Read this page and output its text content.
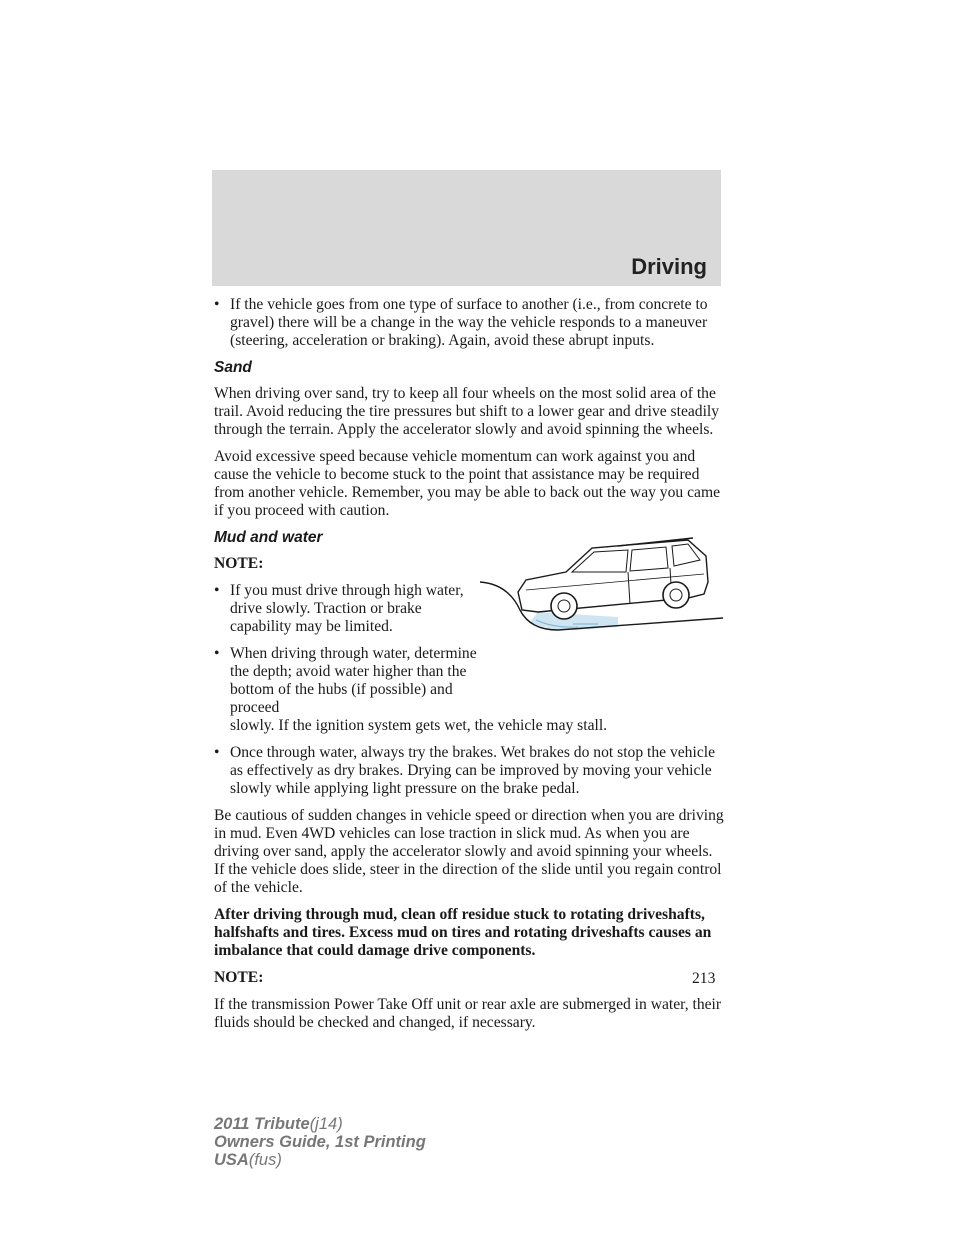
Driving
• If the vehicle goes from one type of surface to another (i.e., from concrete to gravel) there will be a change in the way the vehicle responds to a maneuver (steering, acceleration or braking). Again, avoid these abrupt inputs.
Sand

When driving over sand, try to keep all four wheels on the most solid area of the trail. Avoid reducing the tire pressures but shift to a lower gear and drive steadily through the terrain. Apply the accelerator slowly and avoid spinning the wheels.

Avoid excessive speed because vehicle momentum can work against you and cause the vehicle to become stuck to the point that assistance may be required from another vehicle. Remember, you may be able to back out the way you came if you proceed with caution.

Mud and water
NOTE:
• If you must drive through high water, drive slowly. Traction or brake capability may be limited.
• When driving through water, determine the depth; avoid water higher than the bottom of the hubs (if possible) and proceed
slowly. If the ignition system gets wet, the vehicle may stall.
• Once through water, always try the brakes. Wet brakes do not stop the vehicle as effectively as dry brakes. Drying can be improved by moving your vehicle slowly while applying light pressure on the brake pedal.

Be cautious of sudden changes in vehicle speed or direction when you are driving in mud. Even 4WD vehicles can lose traction in slick mud. As when you are driving over sand, apply the accelerator slowly and avoid spinning your wheels. If the vehicle does slide, steer in the direction of the slide until you regain control of the vehicle.

After driving through mud, clean off residue stuck to rotating driveshafts, halfshafts and tires. Excess mud on tires and rotating driveshafts causes an imbalance that could damage drive components.

NOTE:

If the transmission Power Take Off unit or rear axle are submerged in water, their fluids should be checked and changed, if necessary.

213
2011 Tribute(j14)
Owners Guide, 1st Printing
USA(fus)
